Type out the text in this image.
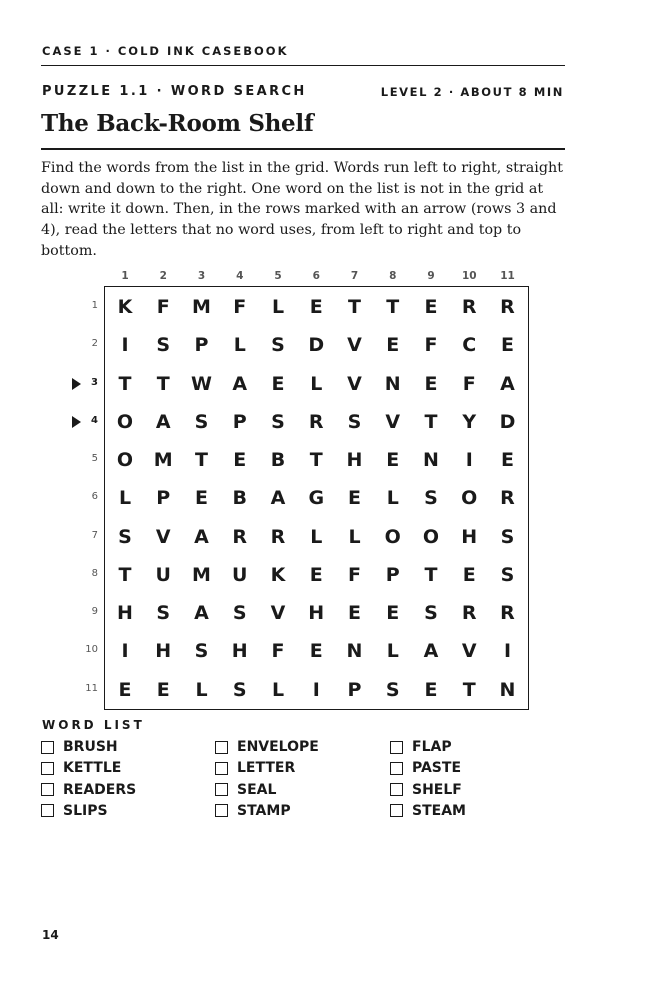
CASE 1 · COLD INK CASEBOOK
PUZZLE 1.1 · WORD SEARCH	LEVEL 2 · ABOUT 8 MIN
The Back-Room Shelf

Find the words from the list in the grid. Words run left to right, straight down and down to the right. One word on the list is not in the grid at all: write it down. Then, in the rows marked with an arrow (rows 3 and 4), read the letters that no word uses, from left to right and top to bottom.

1	2	3	4	5	6	7	8	9	10	11
1	K	F	M	F	L	E	T	T	E	R	R
2	I	S	P	L	S	D	V	E	F	C	E
3	T	T	W	A	E	L	V	N	E	F	A
4 O	A	S	P	S	R	S	V	T	Y	D
5 O	M	T	E	B	T	H	E	N	I	E
6	L	P	E	B	A	G	E	L	S	O	R
7	S	V	A	R	R	L	L	O	O	H	S
8	T	U	M	U	K	E	F	P	T	E	S
9	H	S	A	S	V	H	E	E	S	R	R
10	I	H	S	H	F	E	N	L	A	V	I
11	E	E	L	S	L	I	P	S	E	T	N
WORD LIST
BRUSH
KETTLE
READERS
SLIPS
ENVELOPE
LETTER
SEAL
STAMP
FLAP
PASTE
SHELF
STEAM
14
